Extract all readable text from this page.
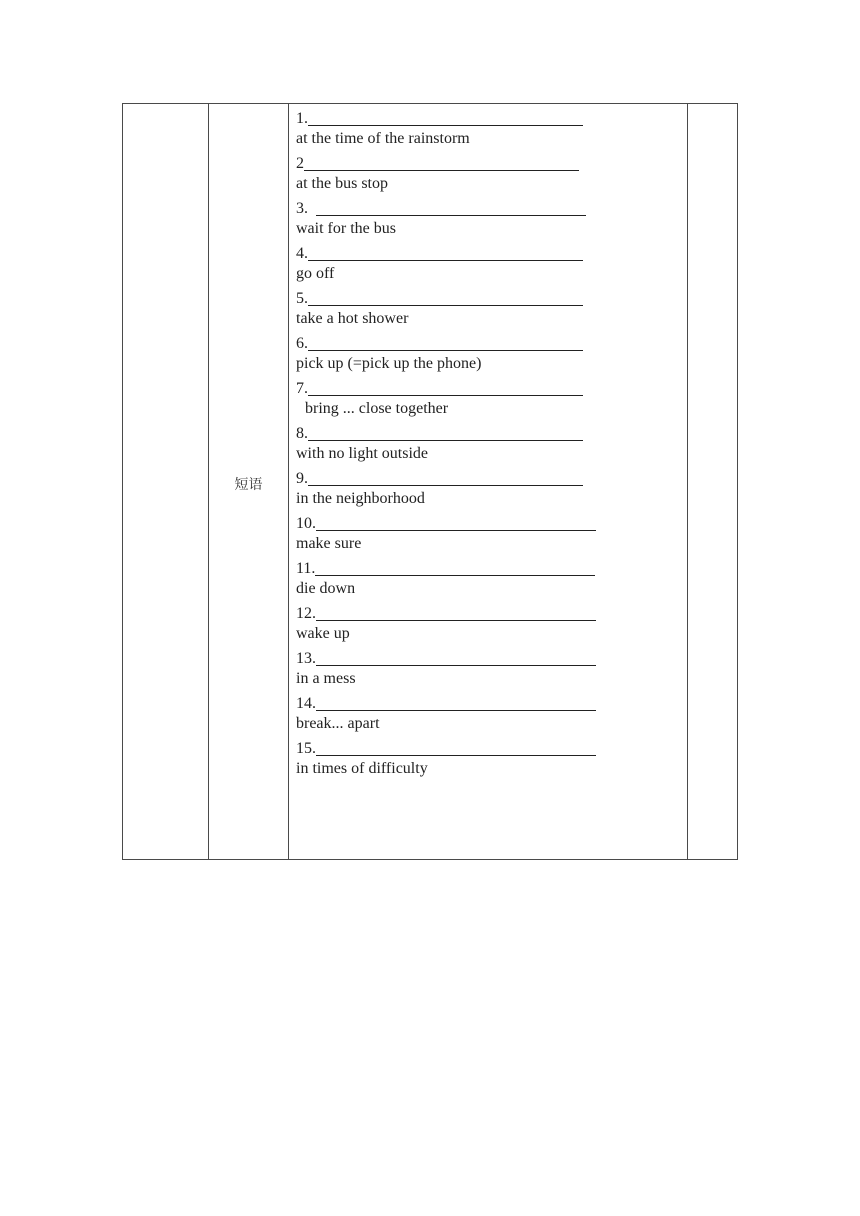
短语
1.
at the time of the rainstorm
2
at the bus stop
3.
wait for the bus
4.
go off
5.
take a hot shower
6.
pick up (=pick up the phone)
7.
bring ... close together
8.
with no light outside
9.
in the neighborhood
10.
make sure
11.
die down
12.
wake up
13.
in a mess
14.
break... apart
15.
in times of difficulty
